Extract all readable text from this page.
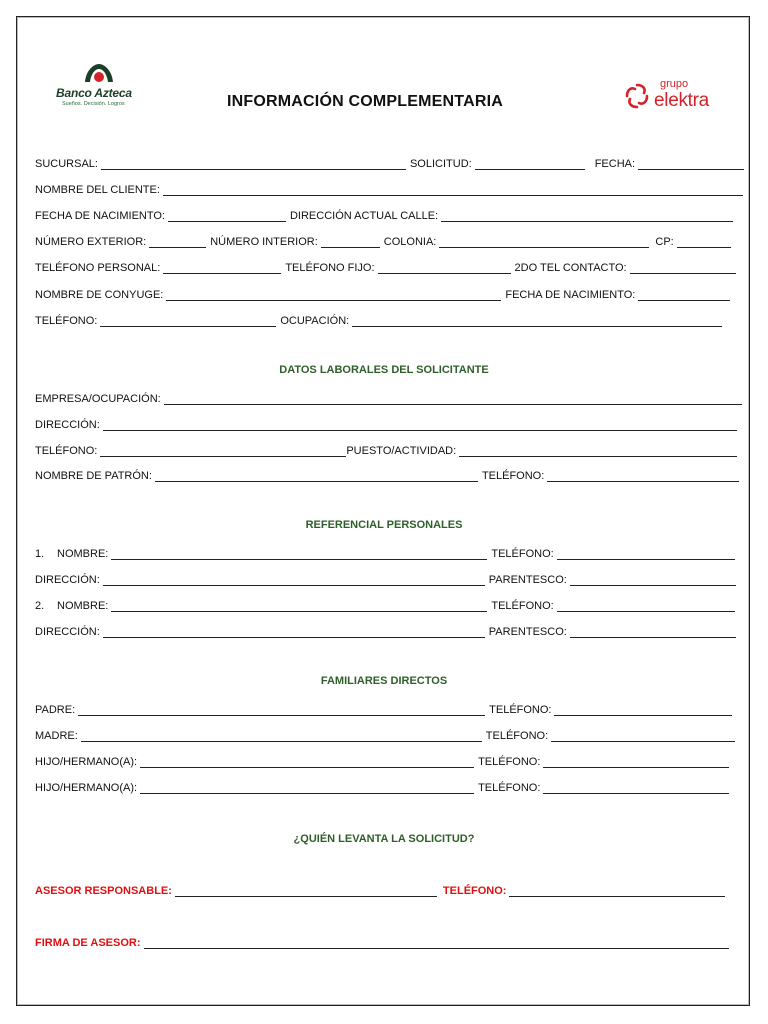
Banco Azteca
Sueños. Decisión. Logros	INFORMACIÓN COMPLEMENTARIA
grupo
elektra
SUCURSAL:	SOLICITUD:	FECHA:
NOMBRE DEL CLIENTE:
FECHA DE NACIMIENTO:	DIRECCIÓN ACTUAL CALLE:
NÚMERO EXTERIOR:	NÚMERO INTERIOR:	COLONIA:	CP:
TELÉFONO PERSONAL:	TELÉFONO FIJO:	2DO TEL CONTACTO:
NOMBRE DE CONYUGE:	FECHA DE NACIMIENTO:
TELÉFONO:	OCUPACIÓN:
DATOS LABORALES DEL SOLICITANTE
EMPRESA/OCUPACIÓN:
DIRECCIÓN:
TELÉFONO:	PUESTO/ACTIVIDAD:
NOMBRE DE PATRÓN:	TELÉFONO:
REFERENCIAL PERSONALES
1.	NOMBRE:	TELÉFONO:
DIRECCIÓN:	PARENTESCO:
2.	NOMBRE:	TELÉFONO:
DIRECCIÓN:	PARENTESCO:
FAMILIARES DIRECTOS
PADRE:	TELÉFONO:
MADRE:	TELÉFONO:
HIJO/HERMANO(A):	TELÉFONO:
HIJO/HERMANO(A):	TELÉFONO:
¿QUIÉN LEVANTA LA SOLICITUD?
ASESOR RESPONSABLE:	TELÉFONO:
FIRMA DE ASESOR:
